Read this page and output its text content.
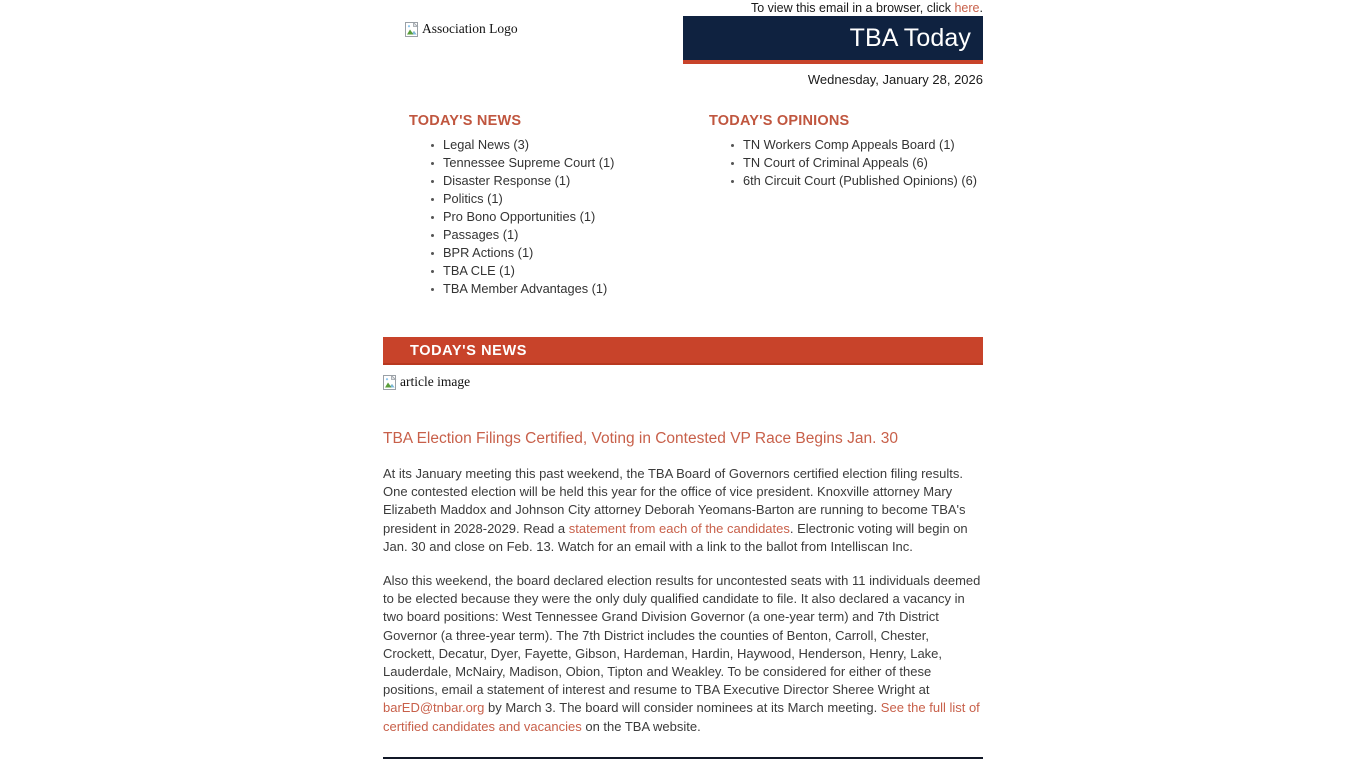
To view this email in a browser, click here.
Association Logo	TBA Today
Wednesday, January 28, 2026
TODAY'S NEWS
Legal News (3)
Tennessee Supreme Court (1)
Disaster Response (1)
Politics (1)
Pro Bono Opportunities (1)
Passages (1)
BPR Actions (1)
TBA CLE (1)
TBA Member Advantages (1)
TODAY'S OPINIONS
TN Workers Comp Appeals Board (1)
TN Court of Criminal Appeals (6)
6th Circuit Court (Published Opinions) (6)
TODAY'S NEWS
article image
TBA Election Filings Certified, Voting in Contested VP Race Begins Jan. 30

At its January meeting this past weekend, the TBA Board of Governors certified election filing results. One contested election will be held this year for the office of vice president. Knoxville attorney Mary Elizabeth Maddox and Johnson City attorney Deborah Yeomans-Barton are running to become TBA's president in 2028-2029. Read a statement from each of the candidates. Electronic voting will begin on Jan. 30 and close on Feb. 13. Watch for an email with a link to the ballot from Intelliscan Inc.

Also this weekend, the board declared election results for uncontested seats with 11 individuals deemed to be elected because they were the only duly qualified candidate to file. It also declared a vacancy in two board positions: West Tennessee Grand Division Governor (a one-year term) and 7th District Governor (a three-year term). The 7th District includes the counties of Benton, Carroll, Chester, Crockett, Decatur, Dyer, Fayette, Gibson, Hardeman, Hardin, Haywood, Henderson, Henry, Lake, Lauderdale, McNairy, Madison, Obion, Tipton and Weakley. To be considered for either of these positions, email a statement of interest and resume to TBA Executive Director Sheree Wright at barED@tnbar.org by March 3. The board will consider nominees at its March meeting. See the full list of certified candidates and vacancies on the TBA website.
